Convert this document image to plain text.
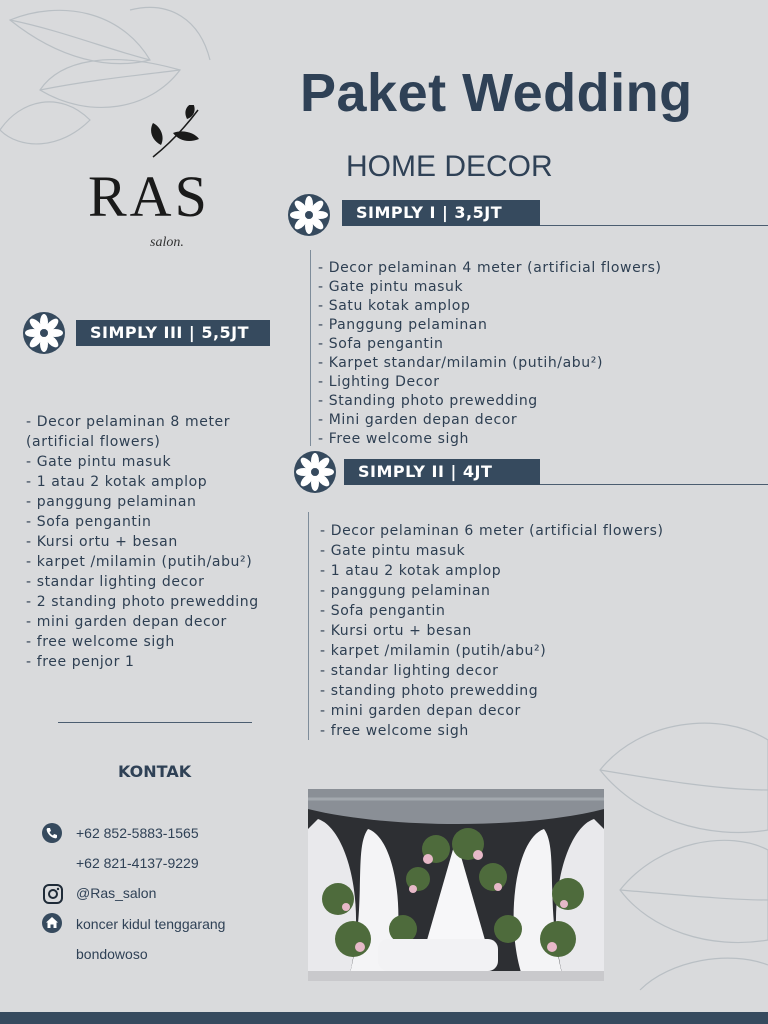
Paket Wedding
HOME DECOR
RAS
salon.
SIMPLY I | 3,5JT
- Decor pelaminan 4 meter (artificial flowers)
- Gate pintu masuk
- Satu kotak amplop
- Panggung pelaminan
- Sofa pengantin
- Karpet standar/milamin (putih/abu²)
- Lighting Decor
- Standing photo prewedding
- Mini garden depan decor
- Free welcome sigh
SIMPLY III | 5,5JT
- Decor pelaminan 8 meter
(artificial flowers)
- Gate pintu masuk
- 1 atau 2 kotak amplop
- panggung pelaminan
- Sofa pengantin
- Kursi ortu + besan
- karpet /milamin (putih/abu²)
- standar lighting decor
- 2 standing photo prewedding
- mini garden depan decor
- free welcome sigh
- free penjor 1
SIMPLY II | 4JT
- Decor pelaminan 6 meter (artificial flowers)
- Gate pintu masuk
- 1 atau 2 kotak amplop
- panggung pelaminan
- Sofa pengantin
- Kursi ortu + besan
- karpet /milamin (putih/abu²)
- standar lighting decor
- standing photo prewedding
- mini garden depan decor
- free welcome sigh
KONTAK
+62 852-5883-1565
+62 821-4137-9229
@Ras_salon
koncer kidul tenggarang
bondowoso
